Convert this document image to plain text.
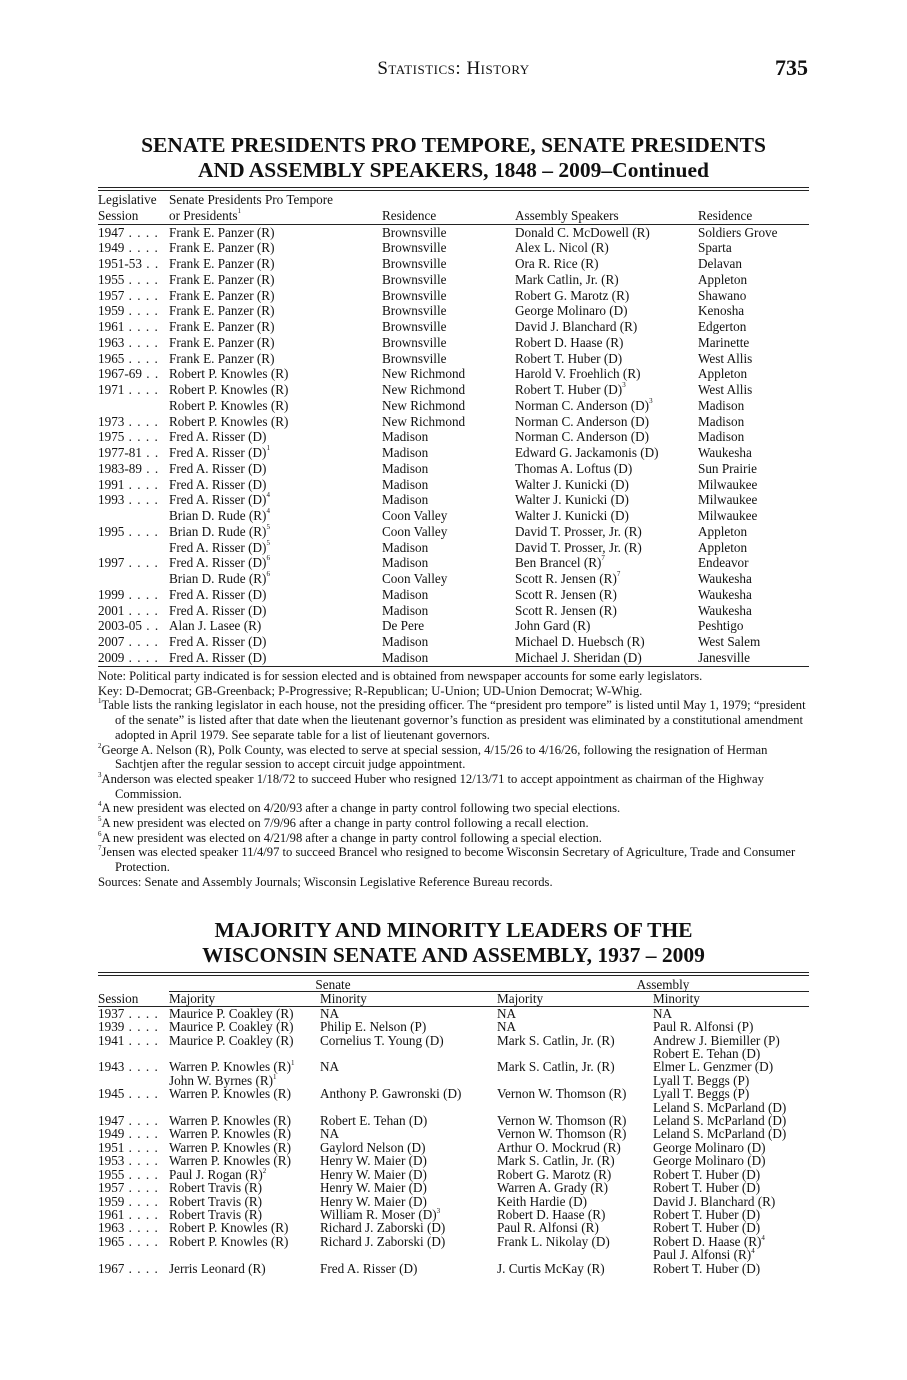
Statistics: History	735
SENATE PRESIDENTS PRO TEMPORE, SENATE PRESIDENTS
AND ASSEMBLY SPEAKERS, 1848 – 2009–Continued
Legislative	Senate Presidents Pro Tempore			
Session	or Presidents$^1$	Residence	Assembly Speakers	Residence
1947 . . . .	Frank E. Panzer (R)	Brownsville	Donald C. McDowell (R)	Soldiers Grove
1949 . . . .	Frank E. Panzer (R)	Brownsville	Alex L. Nicol (R)	Sparta
1951-53 . .	Frank E. Panzer (R)	Brownsville	Ora R. Rice (R)	Delavan
1955 . . . .	Frank E. Panzer (R)	Brownsville	Mark Catlin, Jr. (R)	Appleton
1957 . . . .	Frank E. Panzer (R)	Brownsville	Robert G. Marotz (R)	Shawano
1959 . . . .	Frank E. Panzer (R)	Brownsville	George Molinaro (D)	Kenosha
1961 . . . .	Frank E. Panzer (R)	Brownsville	David J. Blanchard (R)	Edgerton
1963 . . . .	Frank E. Panzer (R)	Brownsville	Robert D. Haase (R)	Marinette
1965 . . . .	Frank E. Panzer (R)	Brownsville	Robert T. Huber (D)	West Allis
1967-69 . .	Robert P. Knowles (R)	New Richmond	Harold V. Froehlich (R)	Appleton
1971 . . . .	Robert P. Knowles (R)	New Richmond	Robert T. Huber $(D)^3$	West Allis
	Robert P. Knowles (R)	New Richmond	Norman C. Anderson $(D)^3$	Madison
1973 . . . .	Robert P. Knowles (R)	New Richmond	Norman C. Anderson (D)	Madison
1975 . . . .	Fred A. Risser (D)	Madison	Norman C. Anderson (D)	Madison
1977-81 . .	Fred A. Risser $(D)^1$	Madison	Edward G. Jackamonis (D)	Waukesha
1983-89 . .	Fred A. Risser (D)	Madison	Thomas A. Loftus (D)	Sun Prairie
1991 . . . .	Fred A. Risser (D)	Madison	Walter J. Kunicki (D)	Milwaukee
1993 . . . .	Fred A. Risser $(D)^4$	Madison	Walter J. Kunicki (D)	Milwaukee
	Brian D. Rude $(R)^4$	Coon Valley	Walter J. Kunicki (D)	Milwaukee
1995 . . . .	Brian D. Rude $(R)^5$	Coon Valley	David T. Prosser, Jr. (R)	Appleton
	Fred A. Risser $(D)^5$	Madison	David T. Prosser, Jr. (R)	Appleton
1997 . . . .	Fred A. Risser $(D)^6$	Madison	Ben Brancel $(R)^7$	Endeavor
	Brian D. Rude $(R)^6$	Coon Valley	Scott R. Jensen $(R)^7$	Waukesha
1999 . . . .	Fred A. Risser (D)	Madison	Scott R. Jensen (R)	Waukesha
2001 . . . .	Fred A. Risser (D)	Madison	Scott R. Jensen (R)	Waukesha
2003-05 . .	Alan J. Lasee (R)	De Pere	John Gard (R)	Peshtigo
2007 . . . .	Fred A. Risser (D)	Madison	Michael D. Huebsch (R)	West Salem
2009 . . . .	Fred A. Risser (D)	Madison	Michael J. Sheridan (D)	Janesville

Note: Political party indicated is for session elected and is obtained from newspaper accounts for some early legislators.

Key: D-Democrat; GB-Greenback; P-Progressive; R-Republican; U-Union; UD-Union Democrat; W-Whig.

$^1$Table lists the ranking legislator in each house, not the presiding officer. The “president pro tempore” is listed until May 1, 1979; “president of the senate” is listed after that date when the lieutenant governor’s function as president was eliminated by a constitutional amendment adopted in April 1979. See separate table for a list of lieutenant governors.

$^2$George A. Nelson (R), Polk County, was elected to serve at special session, 4/15/26 to 4/16/26, following the resignation of Herman Sachtjen after the regular session to accept circuit judge appointment.

$^3$Anderson was elected speaker 1/18/72 to succeed Huber who resigned 12/13/71 to accept appointment as chairman of the Highway Commission.

$^4$A new president was elected on 4/20/93 after a change in party control following two special elections.

$^5$A new president was elected on 7/9/96 after a change in party control following a recall election.

$^6$A new president was elected on 4/21/98 after a change in party control following a special election.

$^7$Jensen was elected speaker 11/4/97 to succeed Brancel who resigned to become Wisconsin Secretary of Agriculture, Trade and Consumer Protection.

Sources: Senate and Assembly Journals; Wisconsin Legislative Reference Bureau records.

MAJORITY AND MINORITY LEADERS OF THE
WISCONSIN SENATE AND ASSEMBLY, 1937 – 2009
	Senate		Assembly	
Session	Majority	Minority	Majority	Minority
1937 . . . .	Maurice P. Coakley (R)	NA	NA	NA
1939 . . . .	Maurice P. Coakley (R)	Philip E. Nelson (P)	NA	Paul R. Alfonsi (P)
1941 . . . .	Maurice P. Coakley (R)	Cornelius T. Young (D)	Mark S. Catlin, Jr. (R)	Andrew J. Biemiller (P)
				Robert E. Tehan (D)
1943 . . . .	Warren P. Knowles $(R)^1$	NA	Mark S. Catlin, Jr. (R)	Elmer L. Genzmer (D)
	John W. Byrnes $(R)^1$			Lyall T. Beggs (P)
1945 . . . .	Warren P. Knowles (R)	Anthony P. Gawronski (D)	Vernon W. Thomson (R)	Lyall T. Beggs (P)
				Leland S. McParland (D)
1947 . . . .	Warren P. Knowles (R)	Robert E. Tehan (D)	Vernon W. Thomson (R)	Leland S. McParland (D)
1949 . . . .	Warren P. Knowles (R)	NA	Vernon W. Thomson (R)	Leland S. McParland (D)
1951 . . . .	Warren P. Knowles (R)	Gaylord Nelson (D)	Arthur O. Mockrud (R)	George Molinaro (D)
1953 . . . .	Warren P. Knowles (R)	Henry W. Maier (D)	Mark S. Catlin, Jr. (R)	George Molinaro (D)
1955 . . . .	Paul J. Rogan $(R)^2$	Henry W. Maier (D)	Robert G. Marotz (R)	Robert T. Huber (D)
1957 . . . .	Robert Travis (R)	Henry W. Maier (D)	Warren A. Grady (R)	Robert T. Huber (D)
1959 . . . .	Robert Travis (R)	Henry W. Maier (D)	Keith Hardie (D)	David J. Blanchard (R)
1961 . . . .	Robert Travis (R)	William R. Moser $(D)^3$	Robert D. Haase (R)	Robert T. Huber (D)
1963 . . . .	Robert P. Knowles (R)	Richard J. Zaborski (D)	Paul R. Alfonsi (R)	Robert T. Huber (D)
1965 . . . .	Robert P. Knowles (R)	Richard J. Zaborski (D)	Frank L. Nikolay (D)	Robert D. Haase $(R)^4$
				Paul J. Alfonsi $(R)^4$
1967 . . . .	Jerris Leonard (R)	Fred A. Risser (D)	J. Curtis McKay (R)	Robert T. Huber (D)
